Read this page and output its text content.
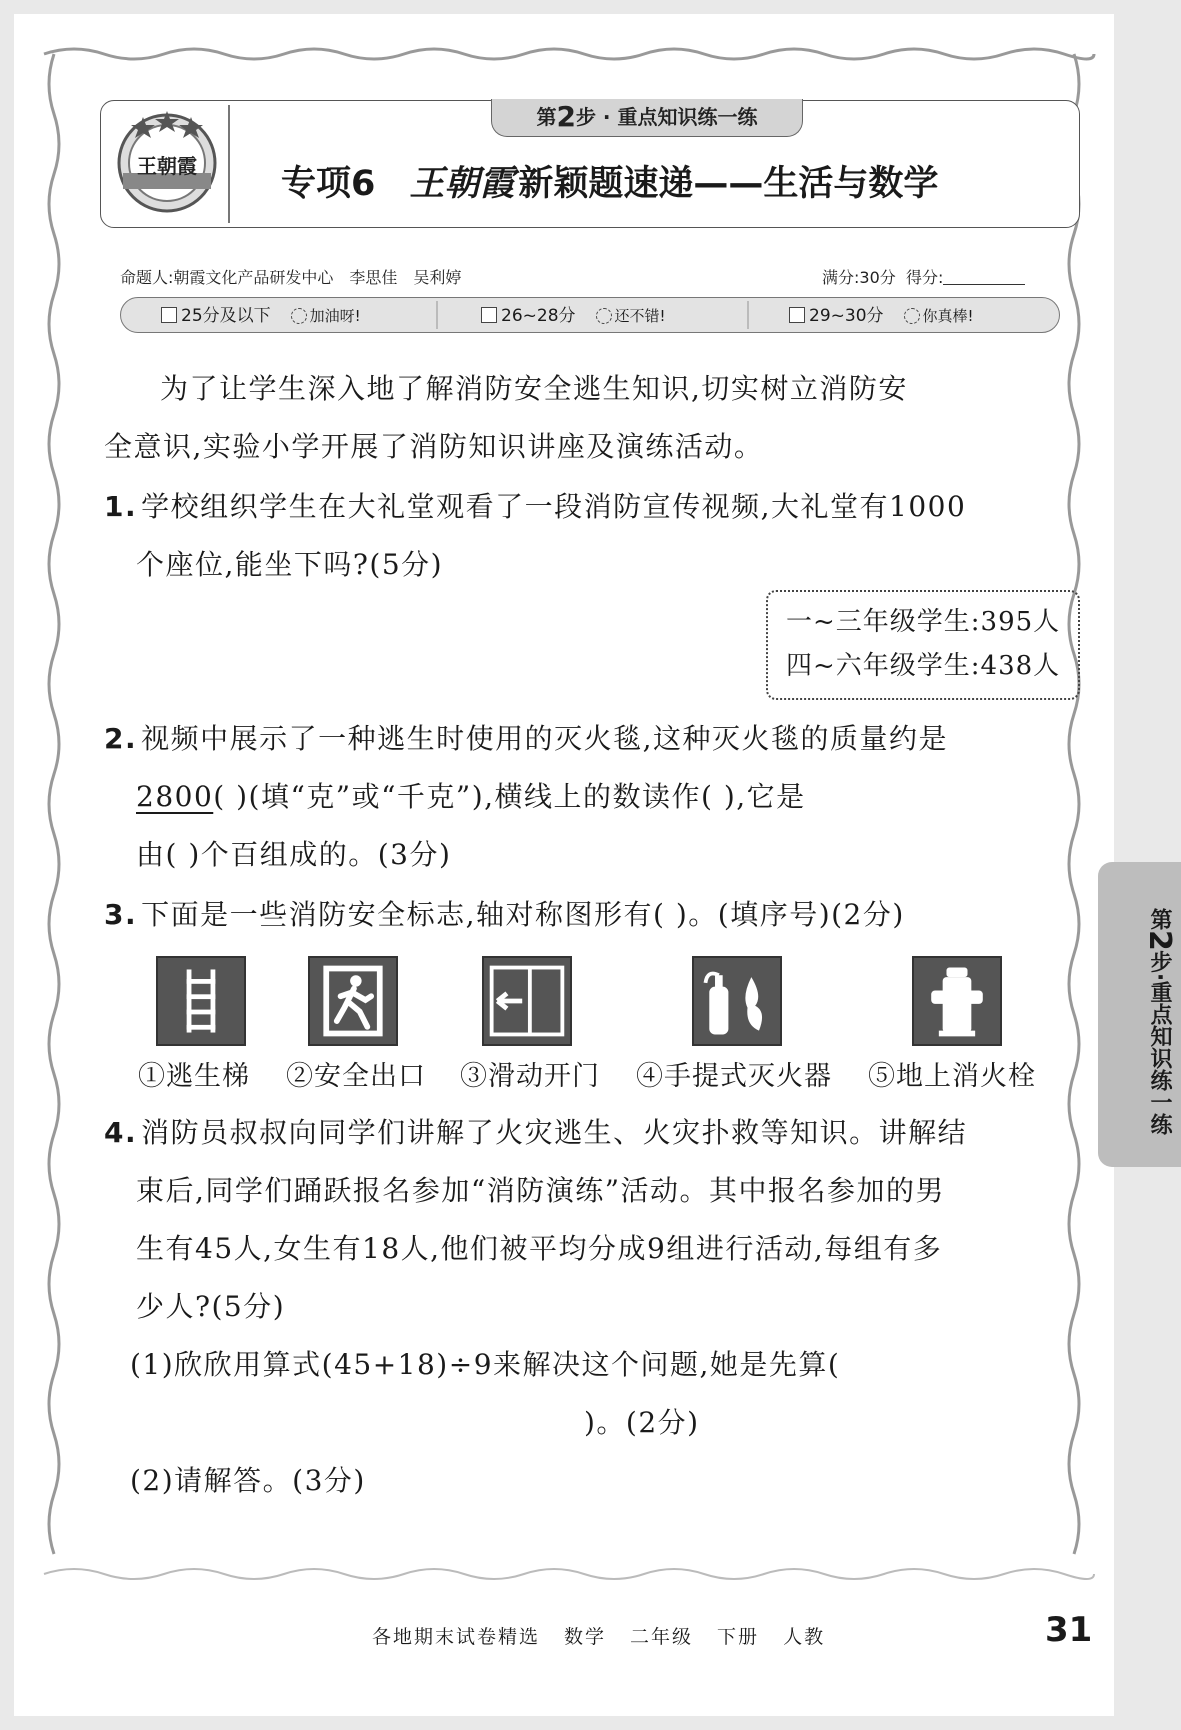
王朝霞
第2步 · 重点知识练一练
专项6 王朝霞 新颖题速递——生活与数学
命题人:朝霞文化产品研发中心 李思佳 吴利婷	满分:30分 得分:
25分及以下	加油呀!	26~28分	还不错!	29~30分	你真棒!
为了让学生深入地了解消防安全逃生知识,切实树立消防安
全意识,实验小学开展了消防知识讲座及演练活动。
1. 学校组织学生在大礼堂观看了一段消防宣传视频,大礼堂有1000
个座位,能坐下吗?(5分)
一~三年级学生:395人
四~六年级学生:438人
2. 视频中展示了一种逃生时使用的灭火毯,这种灭火毯的质量约是
2800( )(填“克”或“千克”),横线上的数读作( ),它是
由( )个百组成的。(3分)
3. 下面是一些消防安全标志,轴对称图形有( )。(填序号)(2分)
①逃生梯 ②安全出口 ③滑动开门 ④手提式灭火器 ⑤地上消火栓
4. 消防员叔叔向同学们讲解了火灾逃生、火灾扑救等知识。讲解结
束后,同学们踊跃报名参加“消防演练”活动。其中报名参加的男
生有45人,女生有18人,他们被平均分成9组进行活动,每组有多
少人?(5分)
(1)欣欣用算式(45+18)÷9来解决这个问题,她是先算(
)。(2分)
(2)请解答。(3分)
第2步·重点知识练一练
各地期末试卷精选 数学 二年级 下册 人教	31
